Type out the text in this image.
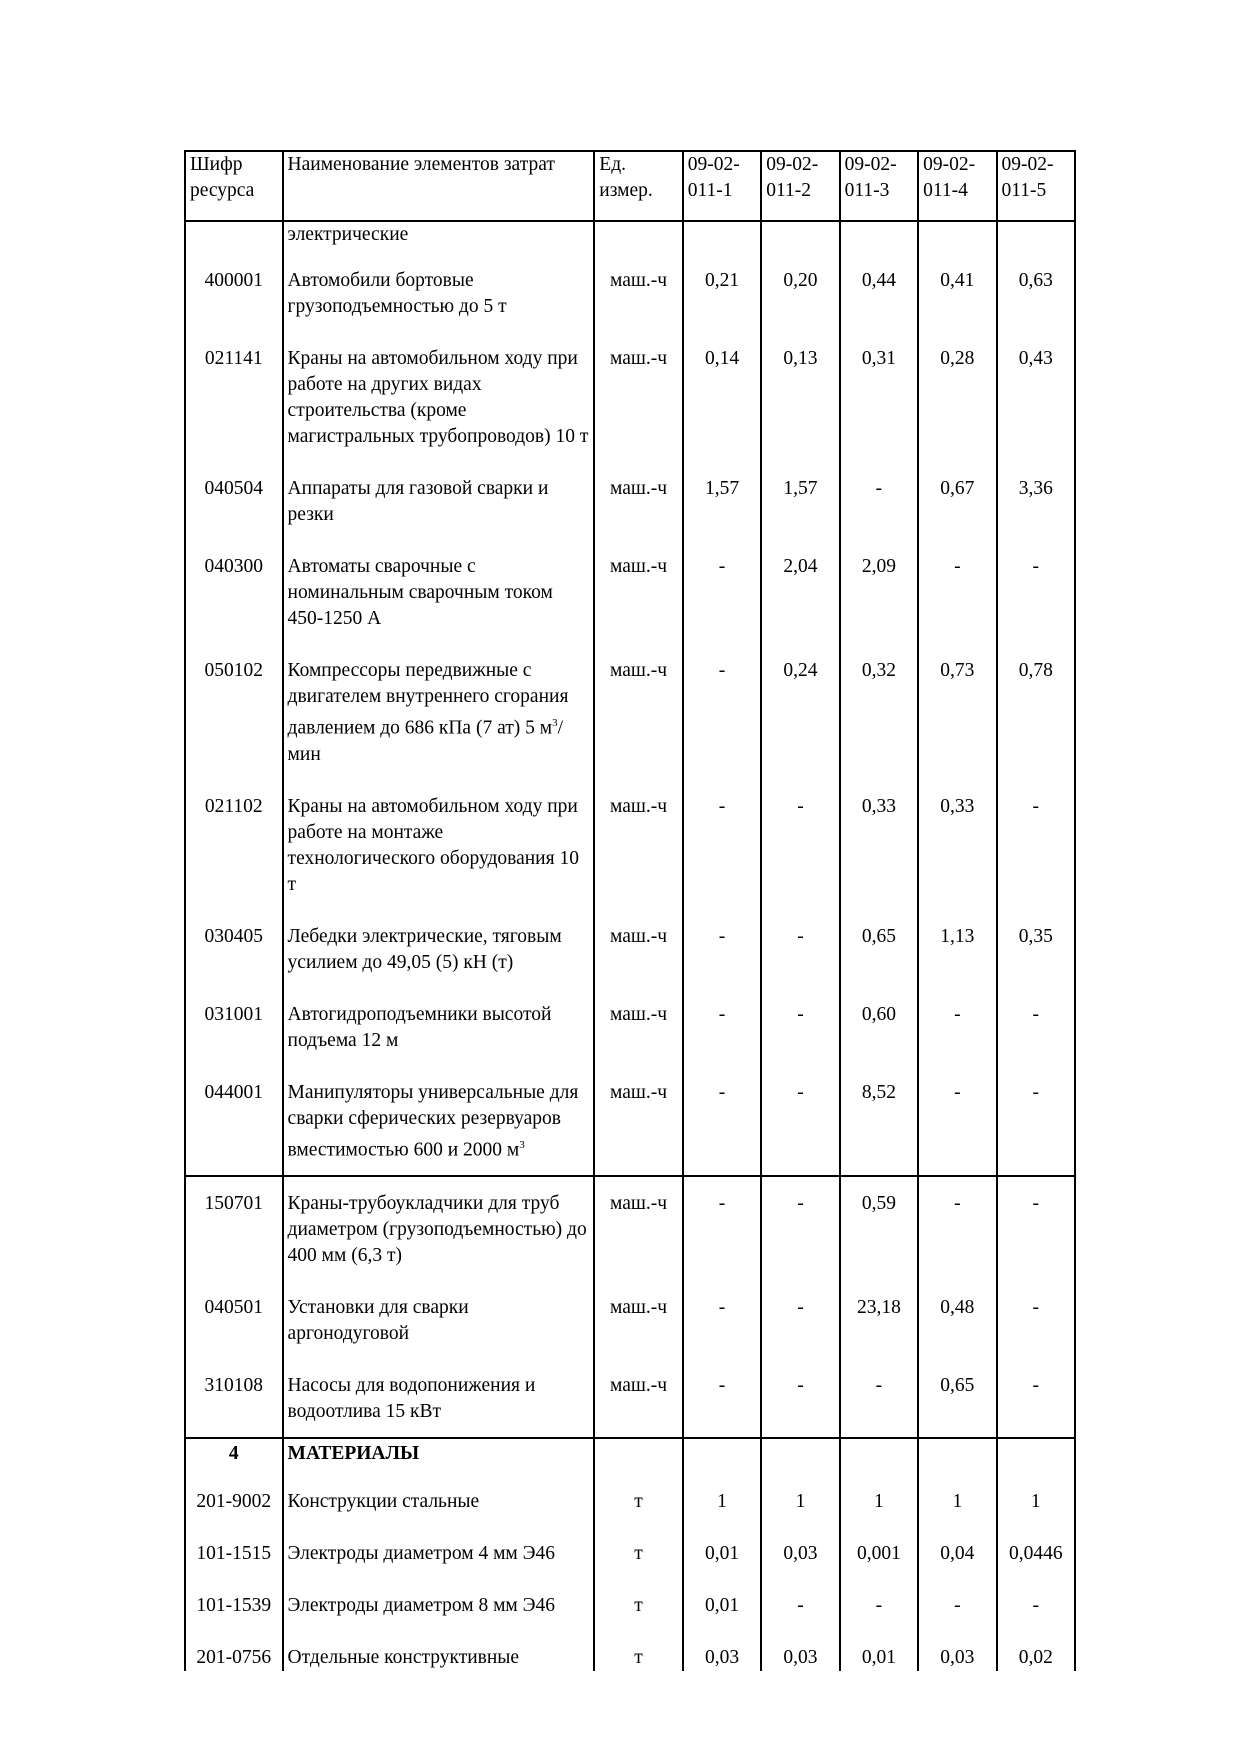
Шифр ресурса	Наименование элементов затрат	Ед. измер.	09-02-011-1	09-02-011-2	09-02-011-3	09-02-011-4	09-02-011-5
	электрические						
400001	Автомобили бортовые грузоподъемностью до 5 т	маш.-ч	0,21	0,20	0,44	0,41	0,63
021141	Краны на автомобильном ходу при работе на других видах строительства (кроме магистральных трубопроводов) 10 т	маш.-ч	0,14	0,13	0,31	0,28	0,43
040504	Аппараты для газовой сварки и резки	маш.-ч	1,57	1,57	-	0,67	3,36
040300	Автоматы сварочные с номинальным сварочным током 450-1250 А	маш.-ч	-	2,04	2,09	-	-
050102	Компрессоры передвижные с двигателем внутреннего сгорания давлением до 686 кПа (7 ат) 5 $м^3$/мин	маш.-ч	-	0,24	0,32	0,73	0,78
021102	Краны на автомобильном ходу при работе на монтаже технологического оборудования 10 т	маш.-ч	-	-	0,33	0,33	-
030405	Лебедки электрические, тяговым усилием до 49,05 (5) кН (т)	маш.-ч	-	-	0,65	1,13	0,35
031001	Автогидроподъемники высотой подъема 12 м	маш.-ч	-	-	0,60	-	-
044001	Манипуляторы универсальные для сварки сферических резервуаров вместимостью 600 и 2000 $м^3$	маш.-ч	-	-	8,52	-	-
150701	Краны-трубоукладчики для труб диаметром (грузоподъемностью) до 400 мм (6,3 т)	маш.-ч	-	-	0,59	-	-
040501	Установки для сварки аргонодуговой	маш.-ч	-	-	23,18	0,48	-
310108	Насосы для водопонижения и водоотлива 15 кВт	маш.-ч	-	-	-	0,65	-
4	МАТЕРИАЛЫ						
201-9002	Конструкции стальные	т	1	1	1	1	1
101-1515	Электроды диаметром 4 мм Э46	т	0,01	0,03	0,001	0,04	0,0446
101-1539	Электроды диаметром 8 мм Э46	т	0,01	-	-	-	-
201-0756	Отдельные конструктивные	т	0,03	0,03	0,01	0,03	0,02
